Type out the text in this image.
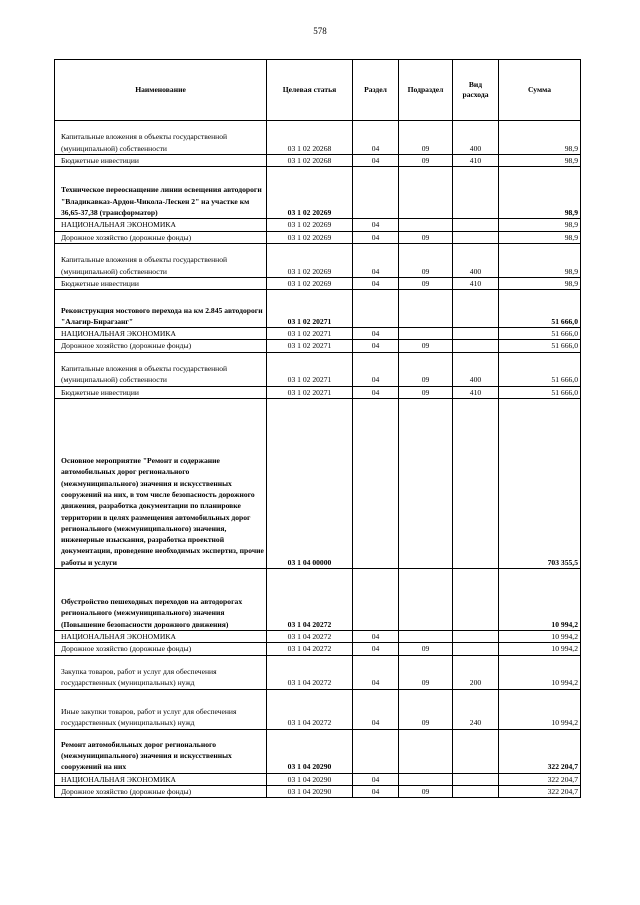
578
Наименование	Целевая статья	Раздел	Подраздел	Вид расхода	Сумма
Капитальные вложения в объекты государственной (муниципальной) собственности	03 1 02 20268	04	09	400	98,9
Бюджетные инвестиции	03 1 02 20268	04	09	410	98,9
Техническое переоснащение линии освещения автодороги "Владикавказ-Ардон-Чикола-Лескен 2" на участке км 36,65-37,38 (трансформатор)	03 1 02 20269				98,9
НАЦИОНАЛЬНАЯ ЭКОНОМИКА	03 1 02 20269	04			98,9
Дорожное хозяйство (дорожные фонды)	03 1 02 20269	04	09		98,9
Капитальные вложения в объекты государственной (муниципальной) собственности	03 1 02 20269	04	09	400	98,9
Бюджетные инвестиции	03 1 02 20269	04	09	410	98,9
Реконструкция мостового перехода на км 2.845 автодороги "Алагир-Бирагзанг"	03 1 02 20271				51 666,0
НАЦИОНАЛЬНАЯ ЭКОНОМИКА	03 1 02 20271	04			51 666,0
Дорожное хозяйство (дорожные фонды)	03 1 02 20271	04	09		51 666,0
Капитальные вложения в объекты государственной (муниципальной) собственности	03 1 02 20271	04	09	400	51 666,0
Бюджетные инвестиции	03 1 02 20271	04	09	410	51 666,0
Основное мероприятие "Ремонт и содержание автомобильных дорог регионального (межмуниципального) значения и искусственных сооружений на них, в том числе безопасность дорожного движения, разработка документации по планировке территории в целях размещения автомобильных дорог регионального (межмуниципального) значения, инженерные изыскания, разработка проектной документации, проведение необходимых экспертиз, прочие работы и услуги	03 1 04 00000				703 355,5
Обустройство пешеходных переходов на автодорогах регионального (межмуниципального) значения (Повышение безопасности дорожного движения)	03 1 04 20272				10 994,2
НАЦИОНАЛЬНАЯ ЭКОНОМИКА	03 1 04 20272	04			10 994,2
Дорожное хозяйство (дорожные фонды)	03 1 04 20272	04	09		10 994,2
Закупка товаров, работ и услуг для обеспечения государственных (муниципальных) нужд	03 1 04 20272	04	09	200	10 994,2
Иные закупки товаров, работ и услуг для обеспечения государственных (муниципальных) нужд	03 1 04 20272	04	09	240	10 994,2
Ремонт автомобильных дорог регионального (межмуниципального) значения и искусственных сооружений на них	03 1 04 20290				322 204,7
НАЦИОНАЛЬНАЯ ЭКОНОМИКА	03 1 04 20290	04			322 204,7
Дорожное хозяйство (дорожные фонды)	03 1 04 20290	04	09		322 204,7
